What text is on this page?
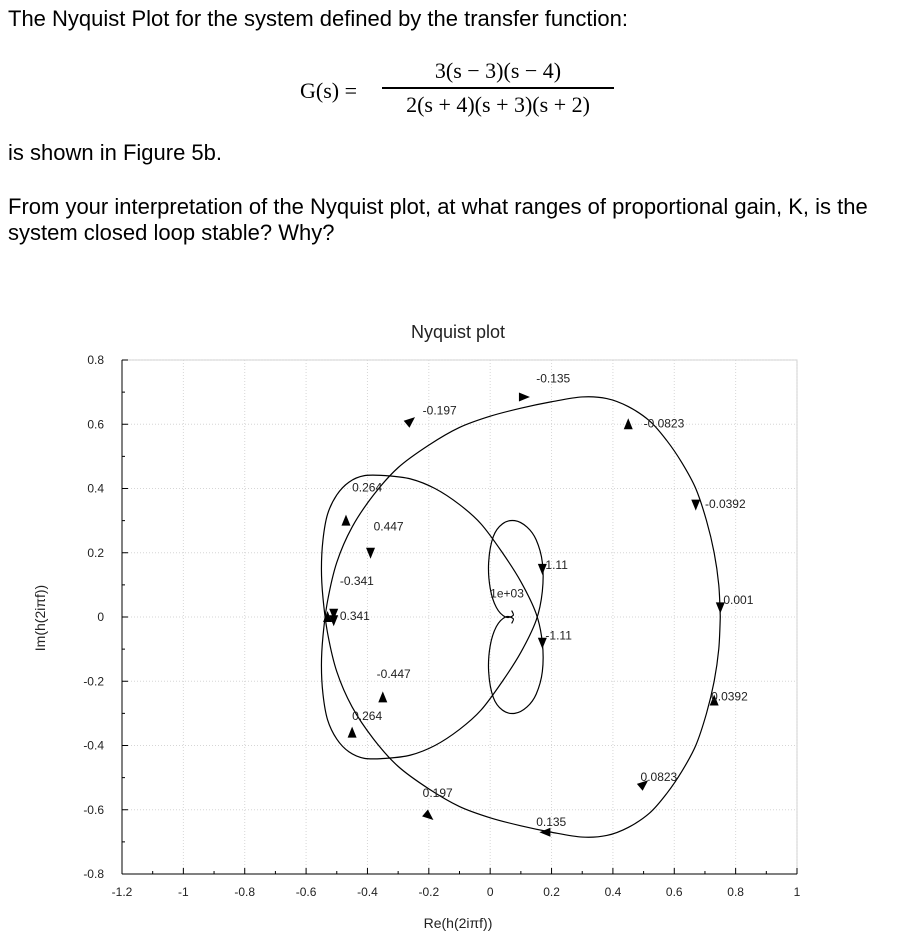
The Nyquist Plot for the system defined by the transfer function:
G(s) =
3(s − 3)(s − 4)
2(s + 4)(s + 3)(s + 2)
is shown in Figure 5b.
From your interpretation of the Nyquist plot, at what ranges of proportional gain, K, is the system closed loop stable? Why?
-1.2	-1	-0.8	-0.6	-0.4	-0.2	0	0.2	0.4	0.6	0.8	1
0.8
0.6
0.4
0.2
0
-0.2
-0.4
-0.6
-0.8
-0.135
-0.197
-0.0823
0.264
-0.0392
0.447
1.11
-0.341
1e+03	0.001
0.341
-1.11
-0.447
0.0392
0.264
0.0823
0.197
0.135
Nyquist plot
Re(h(2iπf))
Im(h(2iπf))
